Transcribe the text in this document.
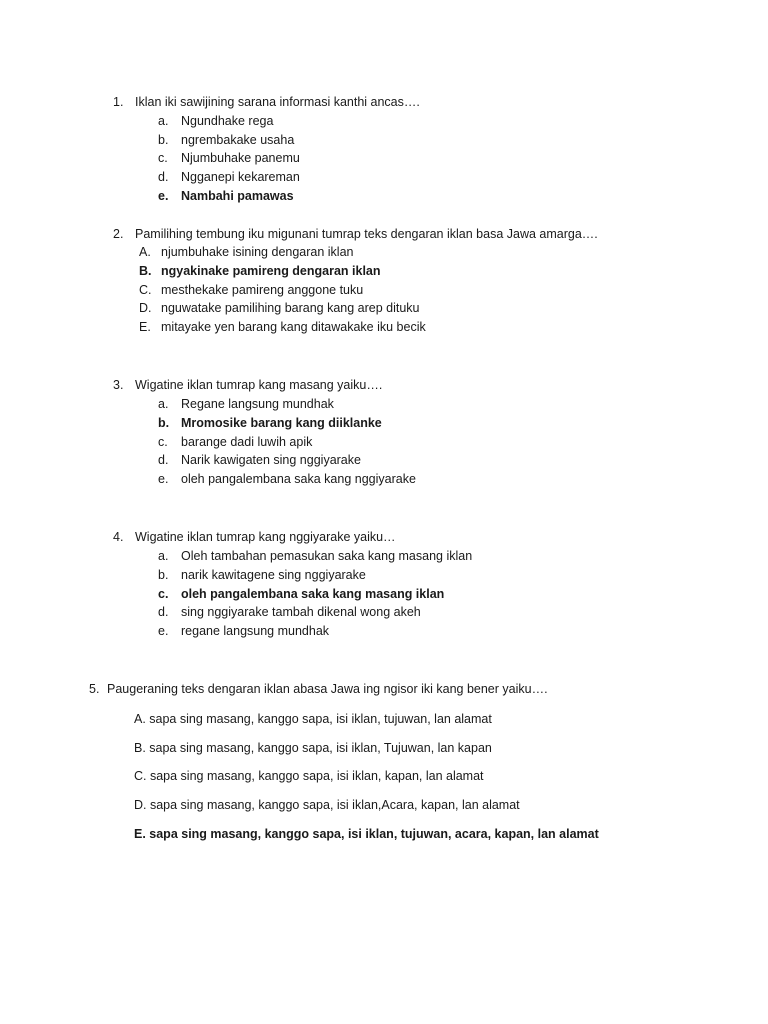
1. Iklan iki sawijining sarana informasi kanthi ancas….
a. Ngundhake rega
b. ngrembakake usaha
c. Njumbuhake panemu
d. Ngganepi kekareman
e. Nambahi pamawas
2. Pamilihing tembung iku migunani tumrap teks dengaran iklan basa Jawa amarga….
A. njumbuhake isining dengaran iklan
B. ngyakinake pamireng dengaran iklan
C. mesthekake pamireng anggone tuku
D. nguwatake pamilihing barang kang arep dituku
E. mitayake yen barang kang ditawakake iku becik
3. Wigatine iklan tumrap kang masang yaiku….
a. Regane langsung mundhak
b. Mromosike barang kang diiklanke
c. barange dadi luwih apik
d. Narik kawigaten sing nggiyarake
e. oleh pangalembana saka kang nggiyarake
4. Wigatine iklan tumrap kang nggiyarake yaiku…
a. Oleh tambahan pemasukan saka kang masang iklan
b. narik kawitagene sing nggiyarake
c. oleh pangalembana saka kang masang iklan
d. sing nggiyarake tambah dikenal wong akeh
e. regane langsung mundhak
5. Paugeraning teks dengaran iklan abasa Jawa ing ngisor iki kang bener yaiku….
A. sapa sing masang, kanggo sapa, isi iklan, tujuwan, lan alamat
B. sapa sing masang, kanggo sapa, isi iklan, Tujuwan, lan kapan
C. sapa sing masang, kanggo sapa, isi iklan, kapan, lan alamat
D. sapa sing masang, kanggo sapa, isi iklan,Acara, kapan, lan alamat
E. sapa sing masang, kanggo sapa, isi iklan, tujuwan, acara, kapan, lan alamat
